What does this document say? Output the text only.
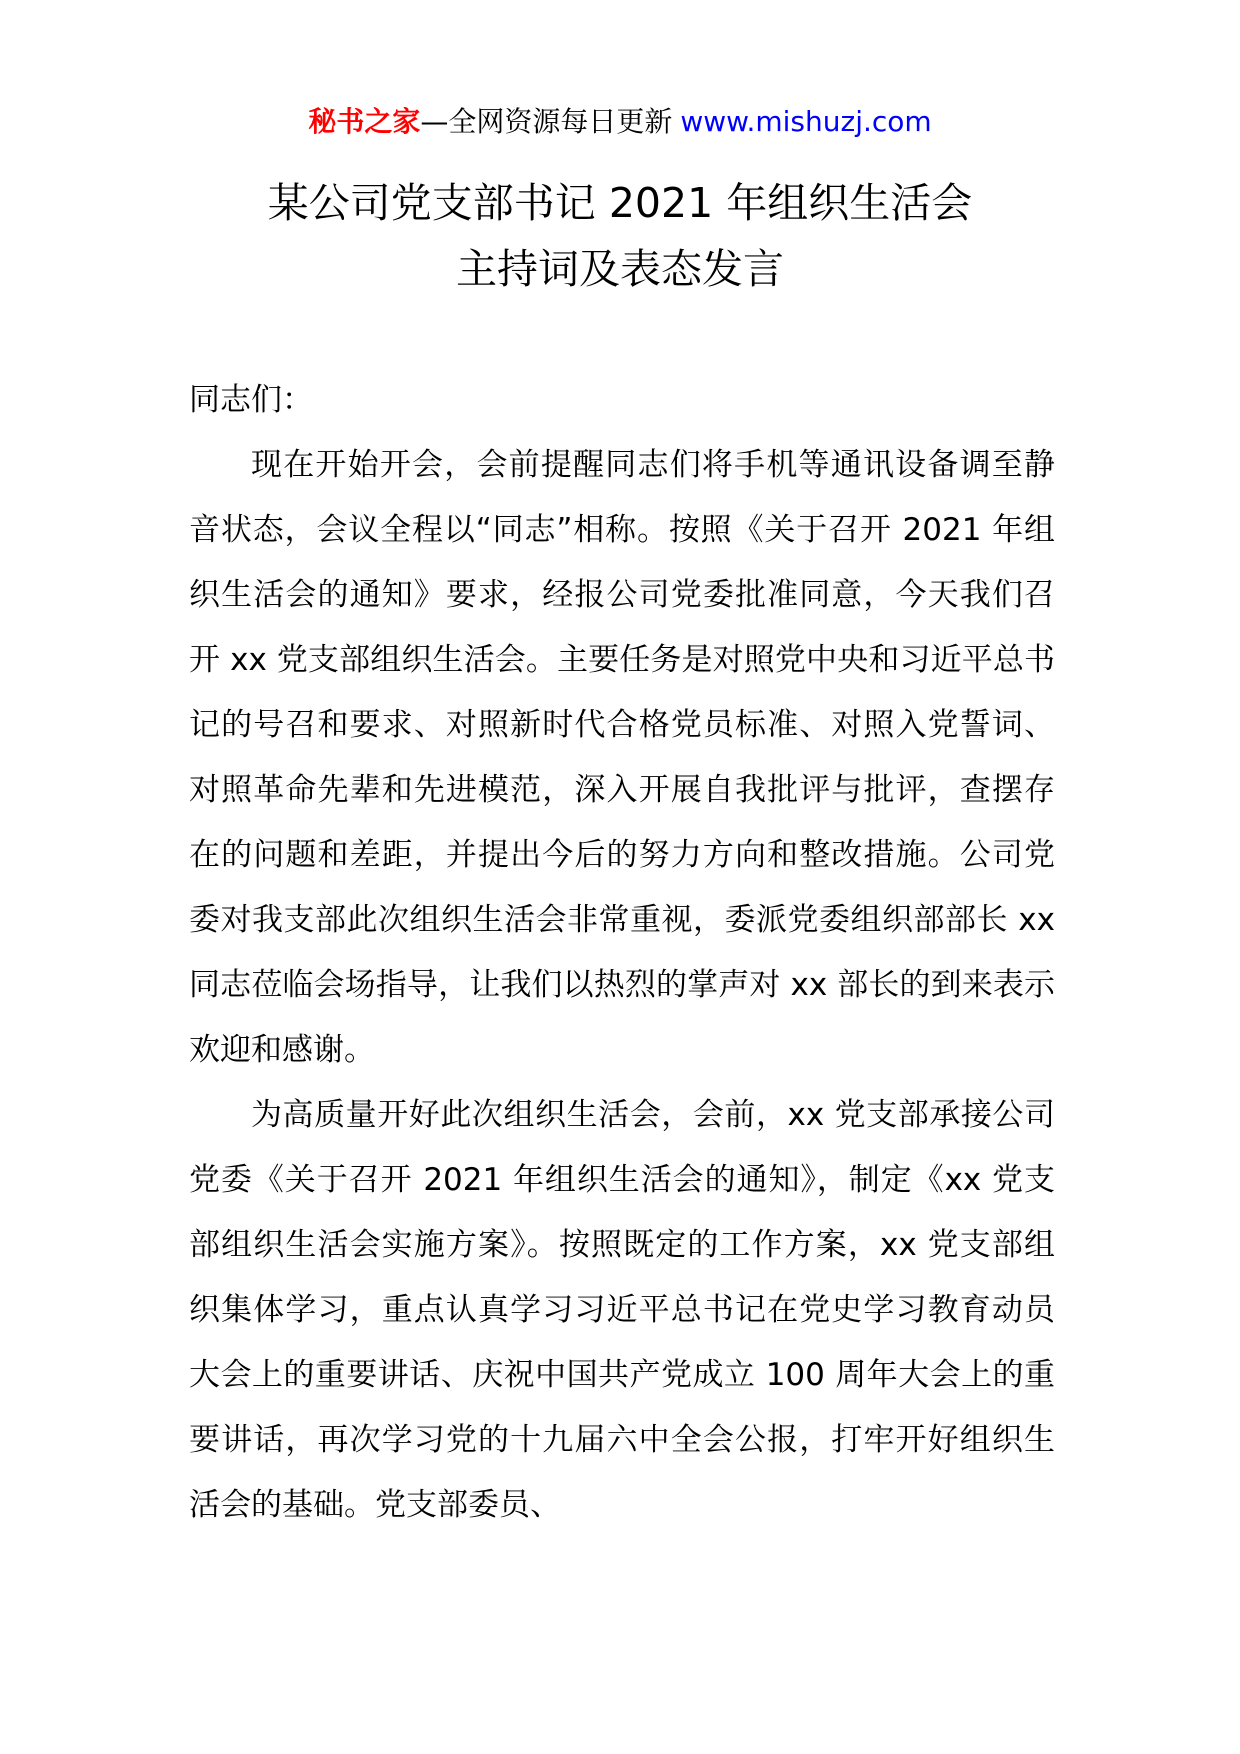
秘书之家—全网资源每日更新 www.mishuzj.com
某公司党支部书记 2021 年组织生活会
主持词及表态发言

同志们：

现在开始开会，会前提醒同志们将手机等通讯设备调至静音状态，会议全程以“同志”相称。按照《关于召开 2021 年组织生活会的通知》要求，经报公司党委批准同意，今天我们召开 xx 党支部组织生活会。主要任务是对照党中央和习近平总书记的号召和要求、对照新时代合格党员标准、对照入党誓词、对照革命先辈和先进模范，深入开展自我批评与批评，查摆存在的问题和差距，并提出今后的努力方向和整改措施。公司党委对我支部此次组织生活会非常重视，委派党委组织部部长 xx 同志莅临会场指导，让我们以热烈的掌声对 xx 部长的到来表示欢迎和感谢。

为高质量开好此次组织生活会，会前，xx 党支部承接公司党委《关于召开 2021 年组织生活会的通知》，制定《xx 党支部组织生活会实施方案》。按照既定的工作方案，xx 党支部组织集体学习，重点认真学习习近平总书记在党史学习教育动员大会上的重要讲话、庆祝中国共产党成立 100 周年大会上的重要讲话，再次学习党的十九届六中全会公报，打牢开好组织生活会的基础。党支部委员、
